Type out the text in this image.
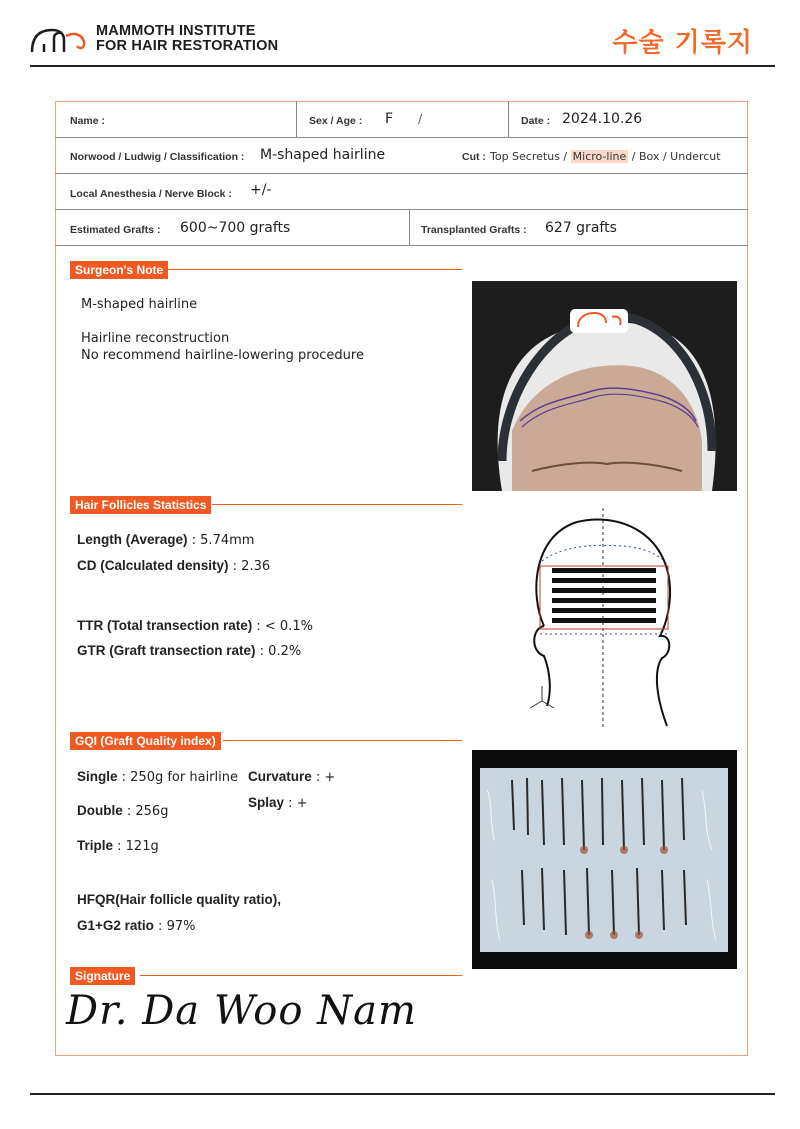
MAMMOTH INSTITUTE
FOR HAIR RESTORATION	수술 기록지
Name :	Sex / Age : F /	Date : 2024.10.26
Norwood / Ludwig / Classification : M-shaped hairline	Cut : Top Secretus / Micro-line / Box / Undercut
Local Anesthesia / Nerve Block : +/-
Estimated Grafts : 600~700 grafts	Transplanted Grafts : 627 grafts
Surgeon's Note
M-shaped hairline
Hairline reconstruction
No recommend hairline-lowering procedure
Hair Follicles Statistics
Length (Average) : 5.74mm
CD (Calculated density) : 2.36
TTR (Total transection rate) : < 0.1%
GTR (Graft transection rate) : 0.2%
GQI (Graft Quality index)
Single : 250g for hairline
Double : 256g
Triple : 121g
Curvature : +
Splay : +
HFQR(Hair follicle quality ratio),
G1+G2 ratio : 97%
Signature
Dr. Da Woo Nam
